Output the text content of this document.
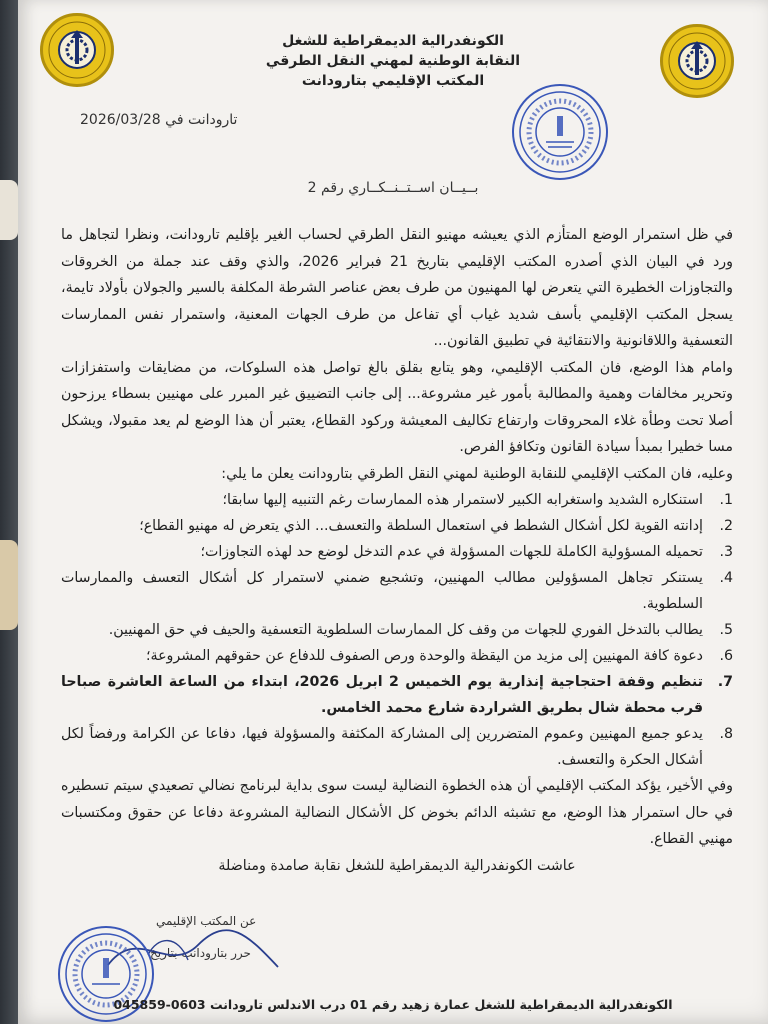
الكونفدرالية الديمقراطية للشغل
النقابة الوطنية لمهني النقل الطرقي
المكتب الإقليمي بتارودانت
تارودانت في 2026/03/28
بــيــان اســتــنــكــاري رقم 2

في ظل استمرار الوضع المتأزم الذي يعيشه مهنيو النقل الطرقي لحساب الغير بإقليم تارودانت، ونظرا لتجاهل ما ورد في البيان الذي أصدره المكتب الإقليمي بتاريخ 21 فبراير 2026، والذي وقف عند جملة من الخروقات والتجاوزات الخطيرة التي يتعرض لها المهنيون من طرف بعض عناصر الشرطة المكلفة بالسير والجولان بأولاد تايمة، يسجل المكتب الإقليمي بأسف شديد غياب أي تفاعل من طرف الجهات المعنية، واستمرار نفس الممارسات التعسفية واللاقانونية والانتقائية في تطبيق القانون...

وامام هذا الوضع، فان المكتب الإقليمي، وهو يتابع بقلق بالغ تواصل هذه السلوكات، من مضايقات واستفزازات وتحرير مخالفات وهمية والمطالبة بأمور غير مشروعة... إلى جانب التضييق غير المبرر على مهنيين بسطاء يرزحون أصلا تحت وطأة غلاء المحروقات وارتفاع تكاليف المعيشة وركود القطاع، يعتبر أن هذا الوضع لم يعد مقبولا، ويشكل مسا خطيرا بمبدأ سيادة القانون وتكافؤ الفرص.

وعليه، فان المكتب الإقليمي للنقابة الوطنية لمهني النقل الطرقي بتارودانت يعلن ما يلي:

1.
استنكاره الشديد واستغرابه الكبير لاستمرار هذه الممارسات رغم التنبيه إليها سابقا؛
2.
إدانته القوية لكل أشكال الشطط في استعمال السلطة والتعسف... الذي يتعرض له مهنيو القطاع؛
3.
تحميله المسؤولية الكاملة للجهات المسؤولة في عدم التدخل لوضع حد لهذه التجاوزات؛
4.
يستنكر تجاهل المسؤولين مطالب المهنيين، وتشجيع ضمني لاستمرار كل أشكال التعسف والممارسات السلطوية.
5.
يطالب بالتدخل الفوري للجهات من وقف كل الممارسات السلطوية التعسفية والحيف في حق المهنيين.
6.
دعوة كافة المهنيين إلى مزيد من اليقظة والوحدة ورص الصفوف للدفاع عن حقوقهم المشروعة؛
7.
تنظيم وقفة احتجاجية إنذارية يوم الخميس 2 ابريل 2026، ابتداء من الساعة العاشرة صباحا قرب محطة شال بطريق الشراردة شارع محمد الخامس.
8.
يدعو جميع المهنيين وعموم المتضررين إلى المشاركة المكثفة والمسؤولة فيها، دفاعا عن الكرامة ورفضاً لكل أشكال الحكرة والتعسف.

وفي الأخير، يؤكد المكتب الإقليمي أن هذه الخطوة النضالية ليست سوى بداية لبرنامج نضالي تصعيدي سيتم تسطيره في حال استمرار هذا الوضع، مع تشبثه الدائم بخوض كل الأشكال النضالية المشروعة دفاعا عن حقوق ومكتسبات مهنيي القطاع.

عاشت الكونفدرالية الديمقراطية للشغل نقابة صامدة ومناضلة

عن المكتب الإقليمي
حرر بتارودانت بتاريخ
الكونفدرالية الديمقراطية للشغل عمارة زهيد رقم 01 درب الاندلس تارودانت 0603-045859
